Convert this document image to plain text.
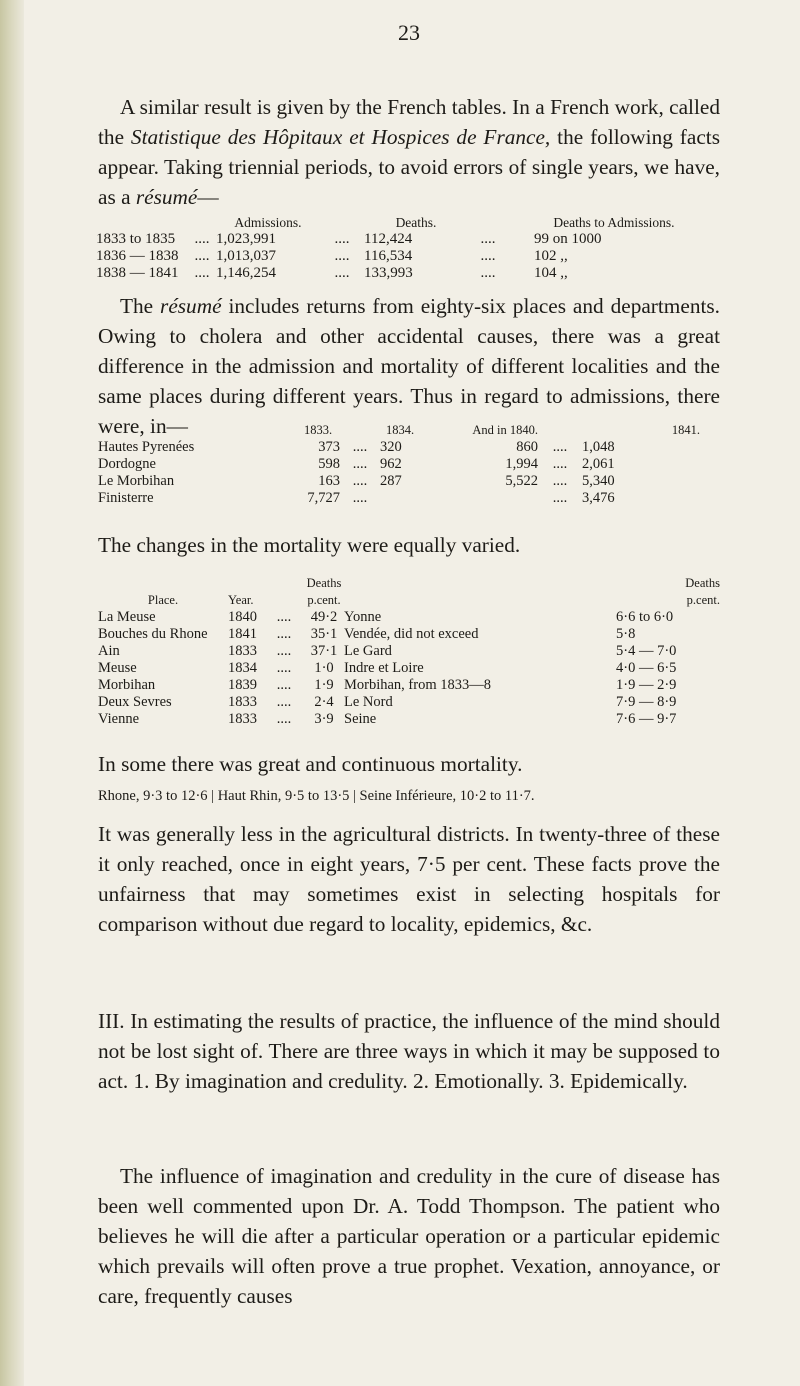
23

A similar result is given by the French tables. In a French work, called the Statistique des Hôpitaux et Hospices de France, the following facts appear. Taking triennial periods, to avoid errors of single years, we have, as a résumé—

		Admissions.		Deaths.		Deaths to Admissions.
1833 to 1835	....	1,023,991	....	112,424	....	99 on 1000
1836 — 1838	....	1,013,037	....	116,534	....	102 ,,
1838 — 1841	....	1,146,254	....	133,993	....	104 ,,

The résumé includes returns from eighty-six places and departments. Owing to cholera and other accidental causes, there was a great difference in the admission and mortality of different localities and the same places during different years. Thus in regard to admissions, there were, in—

		1833.		1834.	And in 1840.		1841.
Hautes Pyrenées	373	....	320	860	....	1,048
Dordogne	598	....	962	1,994	....	2,061
Le Morbihan	163	....	287	5,522	....	5,340
Finisterre	7,727	....			....	3,476

The changes in the mortality were equally varied.

			Deaths		Deaths
Place.	Year.		p.cent.		p.cent.
La Meuse	1840	....	49·2	Yonne	6·6 to 6·0
Bouches du Rhone	1841	....	35·1	Vendée, did not exceed	5·8
Ain	1833	....	37·1	Le Gard	5·4 — 7·0
Meuse	1834	....	1·0	Indre et Loire	4·0 — 6·5
Morbihan	1839	....	1·9	Morbihan, from 1833—8	1·9 — 2·9
Deux Sevres	1833	....	2·4	Le Nord	7·9 — 8·9
Vienne	1833	....	3·9	Seine	7·6 — 9·7

In some there was great and continuous mortality.

Rhone, 9·3 to 12·6 | Haut Rhin, 9·5 to 13·5 | Seine Inférieure, 10·2 to 11·7.

It was generally less in the agricultural districts. In twenty-three of these it only reached, once in eight years, 7·5 per cent. These facts prove the unfairness that may sometimes exist in selecting hospitals for comparison without due regard to locality, epidemics, &c.

III. In estimating the results of practice, the influence of the mind should not be lost sight of. There are three ways in which it may be supposed to act. 1. By imagination and credulity. 2. Emotionally. 3. Epidemically.

The influence of imagination and credulity in the cure of disease has been well commented upon Dr. A. Todd Thompson. The patient who believes he will die after a particular operation or a particular epidemic which prevails will often prove a true prophet. Vexation, annoyance, or care, frequently causes
